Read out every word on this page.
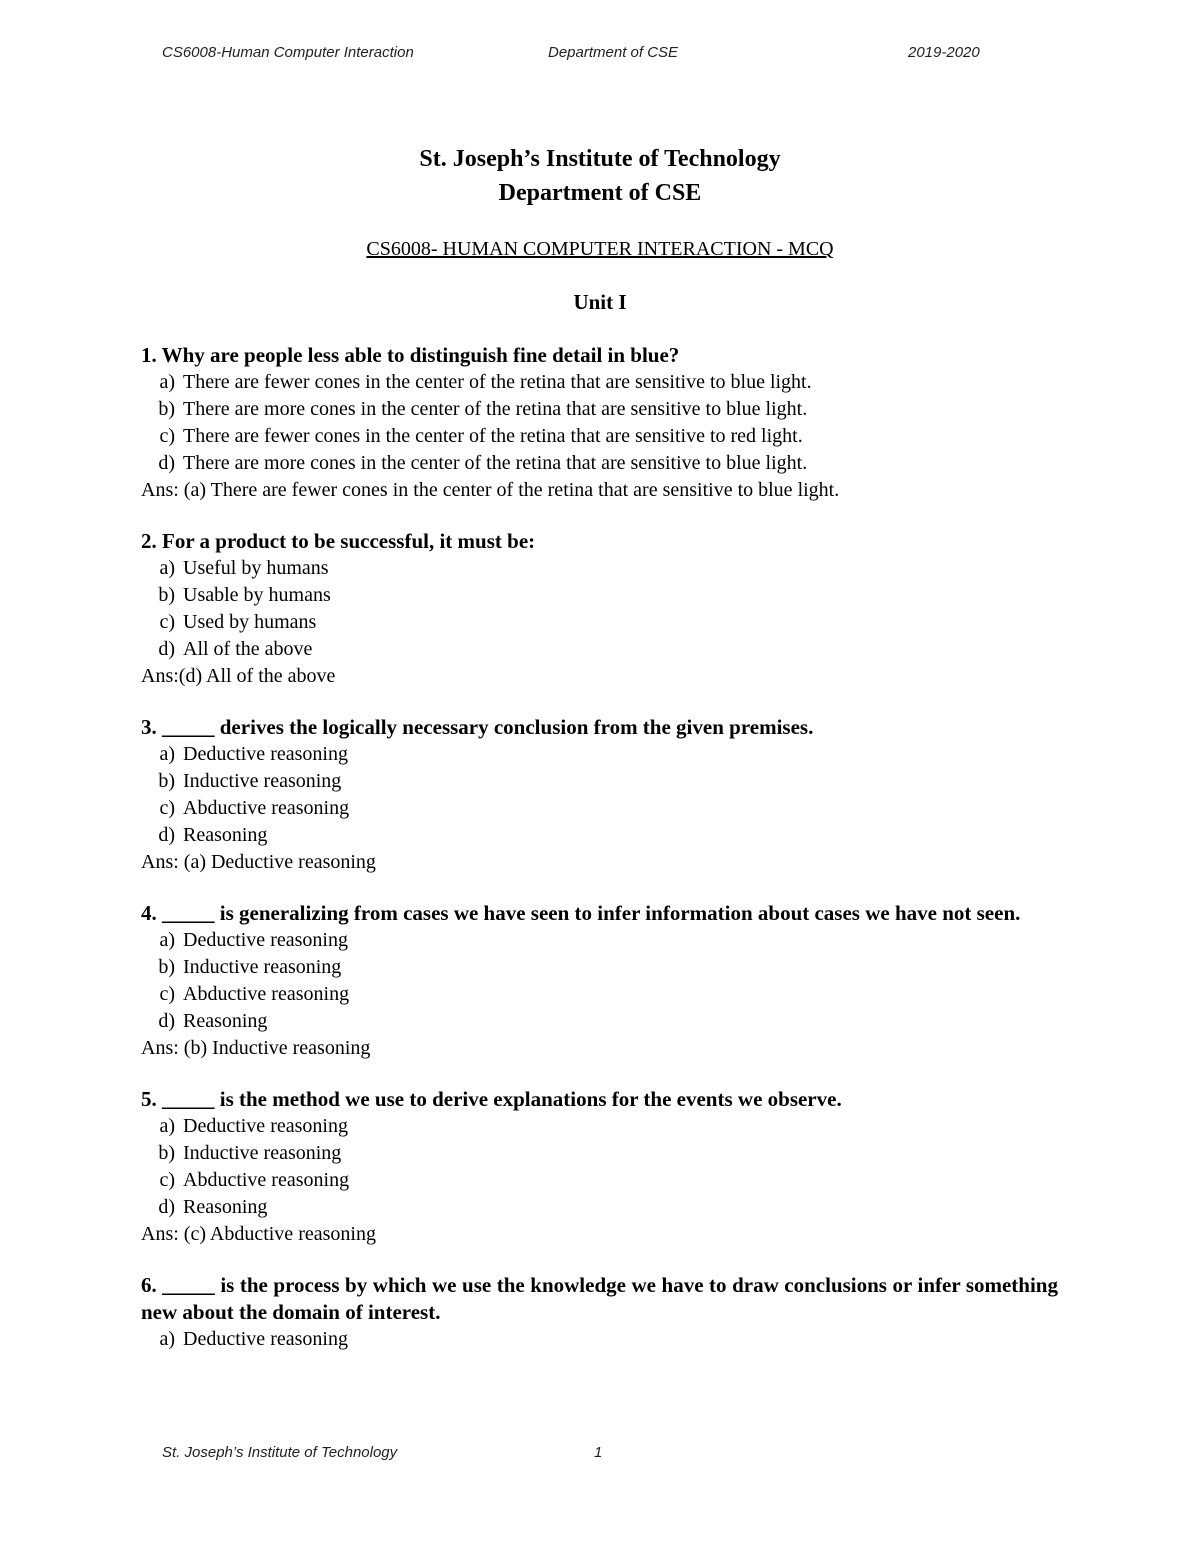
CS6008-Human Computer Interaction	Department of CSE	2019-2020
St. Joseph’s Institute of Technology
Department of CSE
CS6008- HUMAN COMPUTER INTERACTION - MCQ
Unit I
1. Why are people less able to distinguish fine detail in blue?
a) There are fewer cones in the center of the retina that are sensitive to blue light.
b) There are more cones in the center of the retina that are sensitive to blue light.
c) There are fewer cones in the center of the retina that are sensitive to red light.
d) There are more cones in the center of the retina that are sensitive to blue light.
Ans: (a) There are fewer cones in the center of the retina that are sensitive to blue light.
2. For a product to be successful, it must be:
a) Useful by humans
b) Usable by humans
c) Used by humans
d) All of the above
Ans:(d) All of the above
3. _____ derives the logically necessary conclusion from the given premises.
a) Deductive reasoning
b) Inductive reasoning
c) Abductive reasoning
d) Reasoning
Ans: (a) Deductive reasoning
4. _____ is generalizing from cases we have seen to infer information about cases we have not seen.
a) Deductive reasoning
b) Inductive reasoning
c) Abductive reasoning
d) Reasoning
Ans: (b) Inductive reasoning
5. _____ is the method we use to derive explanations for the events we observe.
a) Deductive reasoning
b) Inductive reasoning
c) Abductive reasoning
d) Reasoning
Ans: (c) Abductive reasoning
6. _____ is the process by which we use the knowledge we have to draw conclusions or infer something new about the domain of interest.
a) Deductive reasoning
St. Joseph’s Institute of Technology	1
